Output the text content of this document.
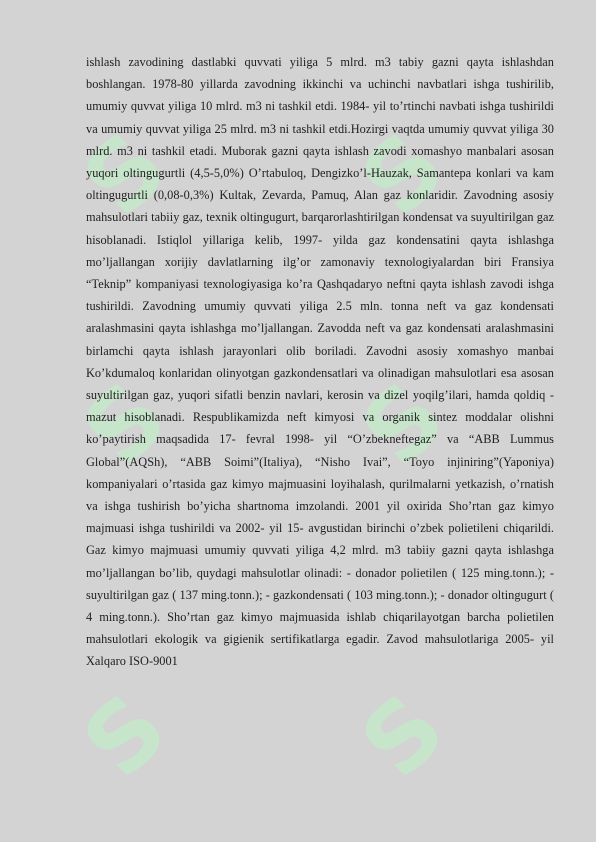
S S
S S
S S

ishlash zavodining dastlabki quvvati yiliga 5 mlrd. m3 tabiy gazni qayta ishlashdan boshlangan. 1978-80 yillarda zavodning ikkinchi va uchinchi navbatlari ishga tushirilib, umumiy quvvat yiliga 10 mlrd. m3 ni tashkil etdi. 1984- yil to’rtinchi navbati ishga tushirildi va umumiy quvvat yiliga 25 mlrd. m3 ni tashkil etdi.Hozirgi vaqtda umumiy quvvat yiliga 30 mlrd. m3 ni tashkil etadi. Muborak gazni qayta ishlash zavodi xomashyo manbalari asosan yuqori oltingugurtli (4,5-5,0%) O’rtabuloq, Dengizko’l-Hauzak, Samantepa konlari va kam oltingugurtli (0,08-0,3%) Kultak, Zevarda, Pamuq, Alan gaz konlaridir. Zavodning asosiy mahsulotlari tabiiy gaz, texnik oltingugurt, barqarorlashtirilgan kondensat va suyultirilgan gaz hisoblanadi. Istiqlol yillariga kelib, 1997- yilda gaz kondensatini qayta ishlashga mo’ljallangan xorijiy davlatlarning ilg’or zamonaviy texnologiyalardan biri Fransiya “Teknip” kompaniyasi texnologiyasiga ko’ra Qashqadaryo neftni qayta ishlash zavodi ishga tushirildi. Zavodning umumiy quvvati yiliga 2.5 mln. tonna neft va gaz kondensati aralashmasini qayta ishlashga mo’ljallangan. Zavodda neft va gaz kondensati aralashmasini birlamchi qayta ishlash jarayonlari olib boriladi. Zavodni asosiy xomashyo manbai Ko’kdumaloq konlaridan olinyotgan gazkondensatlari va olinadigan mahsulotlari esa asosan suyultirilgan gaz, yuqori sifatli benzin navlari, kerosin va dizel yoqilg’ilari, hamda qoldiq - mazut hisoblanadi. Respublikamizda neft kimyosi va organik sintez moddalar olishni ko’paytirish maqsadida 17- fevral 1998- yil “O’zbekneftegaz” va “ABB Lummus Global”(AQSh), “ABB Soimi”(Italiya), “Nisho Ivai”, “Toyo injiniring”(Yaponiya) kompaniyalari o’rtasida gaz kimyo majmuasini loyihalash, qurilmalarni yetkazish, o’rnatish va ishga tushirish bo’yicha shartnoma imzolandi. 2001 yil oxirida Sho’rtan gaz kimyo majmuasi ishga tushirildi va 2002- yil 15- avgustidan birinchi o’zbek polietileni chiqarildi. Gaz kimyo majmuasi umumiy quvvati yiliga 4,2 mlrd. m3 tabiiy gazni qayta ishlashga mo’ljallangan bo’lib, quydagi mahsulotlar olinadi: - donador polietilen ( 125 ming.tonn.); - suyultirilgan gaz ( 137 ming.tonn.); - gazkondensati ( 103 ming.tonn.); - donador oltingugurt ( 4 ming.tonn.). Sho’rtan gaz kimyo majmuasida ishlab chiqarilayotgan barcha polietilen mahsulotlari ekologik va gigienik sertifikatlarga egadir. Zavod mahsulotlariga 2005- yil Xalqaro ISO-9001
